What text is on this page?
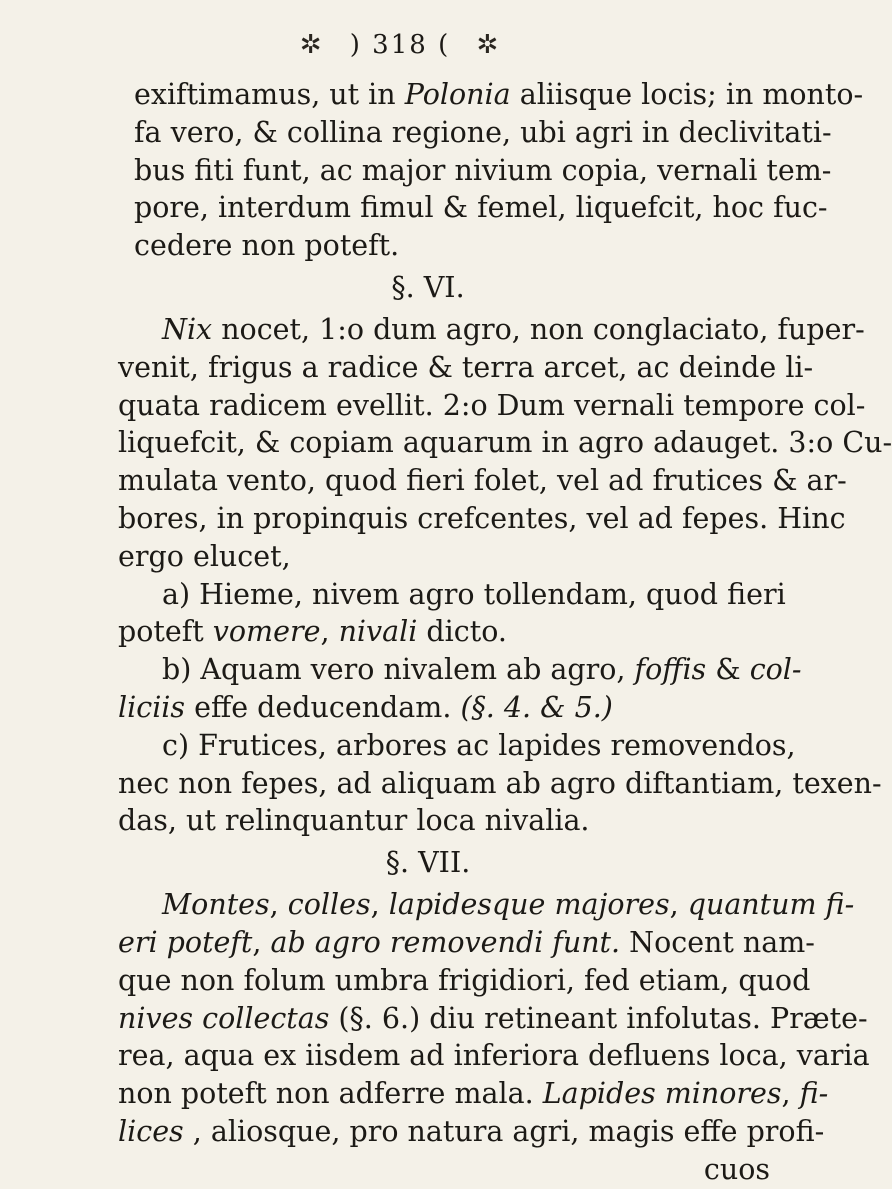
✲ ) 318 ( ✲
exiftimamus, ut in Polonia aliisque locis; in monto-
fa vero, & collina regione, ubi agri in declivitati-
bus fiti funt, ac major nivium copia, vernali tem-
pore, interdum fimul & femel, liquefcit, hoc fuc-
cedere non poteft.
§. VI.
Nix nocet, 1:o dum agro, non conglaciato, fuper-
venit, frigus a radice & terra arcet, ac deinde li-
quata radicem evellit. 2:o Dum vernali tempore col-
liquefcit, & copiam aquarum in agro adauget. 3:o Cu-
mulata vento, quod fieri folet, vel ad frutices & ar-
bores, in propinquis crefcentes, vel ad fepes. Hinc
ergo elucet,
a) Hieme, nivem agro tollendam, quod fieri
poteft vomere, nivali dicto.
b) Aquam vero nivalem ab agro, foffis & col-
liciis effe deducendam. (§. 4. & 5.)
c) Frutices, arbores ac lapides removendos,
nec non fepes, ad aliquam ab agro diftantiam, texen-
das, ut relinquantur loca nivalia.
§. VII.
Montes, colles, lapidesque majores, quantum fi-
eri poteft, ab agro removendi funt. Nocent nam-
que non folum umbra frigidiori, fed etiam, quod
nives collectas (§. 6.) diu retineant infolutas. Præte-
rea, aqua ex iisdem ad inferiora defluens loca, varia
non poteft non adferre mala. Lapides minores, fi-
lices , aliosque, pro natura agri, magis effe profi-
cuos
